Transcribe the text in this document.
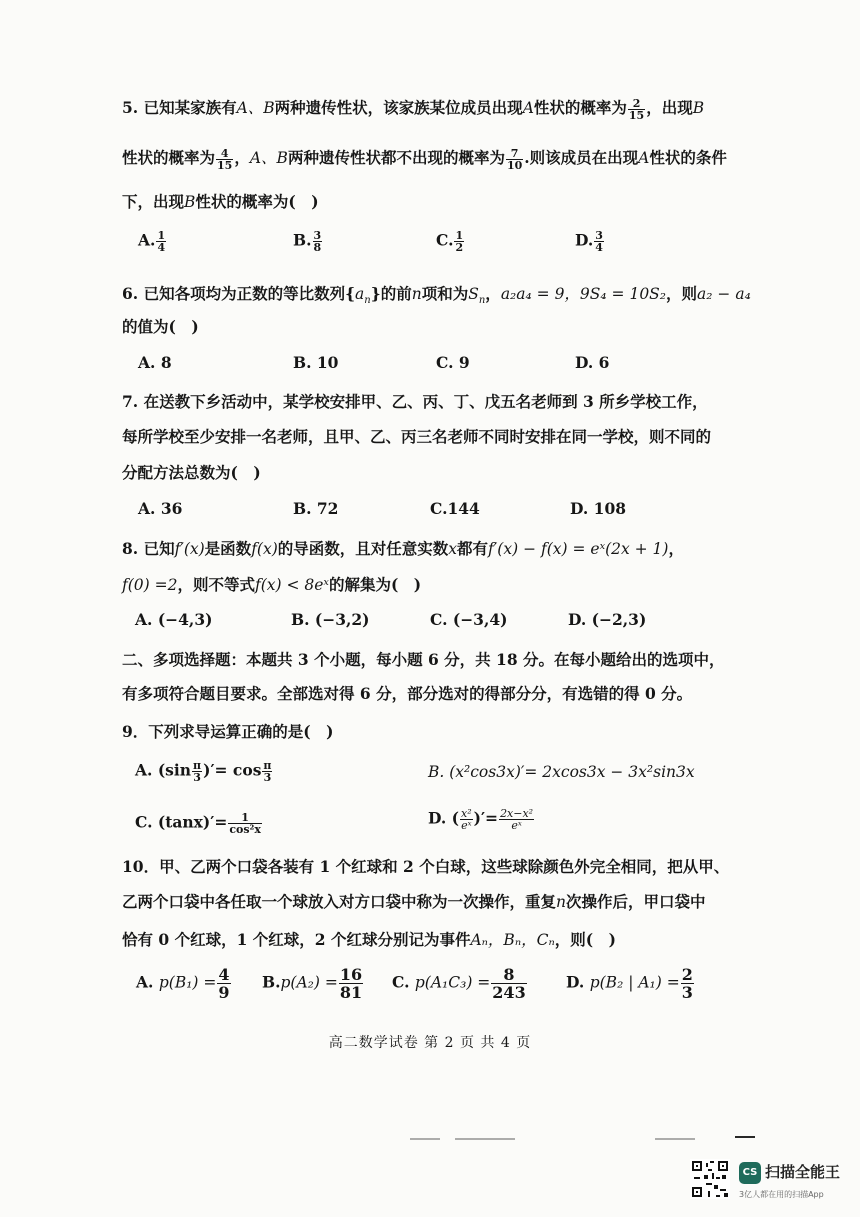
5. 已知某家族有A、B两种遗传性状，该家族某位成员出现A性状的概率为 $\frac{2}{15}$ ，出现B
性状的概率为 $\frac{4}{15}$ ，A、B两种遗传性状都不出现的概率为 $\frac{7}{10}$ .则该成员在出现A性状的条件
下，出现B性状的概率为(　)
A. $\frac{1}{4}$	B. $\frac{3}{8}$	C. $\frac{1}{2}$	D. $\frac{3}{4}$
6. 已知各项均为正数的等比数列$\{a_n\}$的前n项和为$S_n$，a₂a₄ = 9，9S₄ = 10S₂，则a₂ − a₄
的值为(　)
A. 8	B. 10	C. 9	D. 6
7. 在送教下乡活动中，某学校安排甲、乙、丙、丁、戊五名老师到 3 所乡学校工作，
每所学校至少安排一名老师，且甲、乙、丙三名老师不同时安排在同一学校，则不同的
分配方法总数为(　)
A. 36	B. 72	C.144	D. 108
8. 已知f′(x)是函数f(x)的导函数，且对任意实数x都有f′(x) − f(x) = eˣ(2x + 1)，
f(0) =2，则不等式f(x) < 8eˣ的解集为(　)
A. (−4,3)	B. (−3,2)	C. (−3,4)	D. (−2,3)
二、多项选择题：本题共 3 个小题，每小题 6 分，共 18 分。在每小题给出的选项中，
有多项符合题目要求。全部选对得 6 分，部分选对的得部分分，有选错的得 0 分。
9．下列求导运算正确的是(　)
A. ($\sin \frac{\pi}{3}$ )′= $\cos \frac{\pi}{3}$	B. (x²cos3x)′= 2xcos3x − 3x²sin3x
C. $(\tan x)'= \frac{1}{\text{cos²x}}$	D. ( $\frac{\text{x²}}{\text{eˣ}}$ )′= $\frac{\text{2x−x²}}{\text{eˣ}}$
10．甲、乙两个口袋各装有 1 个红球和 2 个白球，这些球除颜色外完全相同，把从甲、
乙两个口袋中各任取一个球放入对方口袋中称为一次操作，重复n次操作后，甲口袋中
恰有 0 个红球，1 个红球，2 个红球分别记为事件Aₙ，Bₙ，Cₙ，则(　)
A. $p(B_1) = \frac{4}{9} B.p(A_2) = \frac{16}{81} C$. $p(A_1C_3) = \frac{8}{243}$	D. p(B₂ | $A_1) = \frac{2}{3}$
高二数学试卷 第 2 页 共 4 页
CS 扫描全能王
3亿人都在用的扫描App
